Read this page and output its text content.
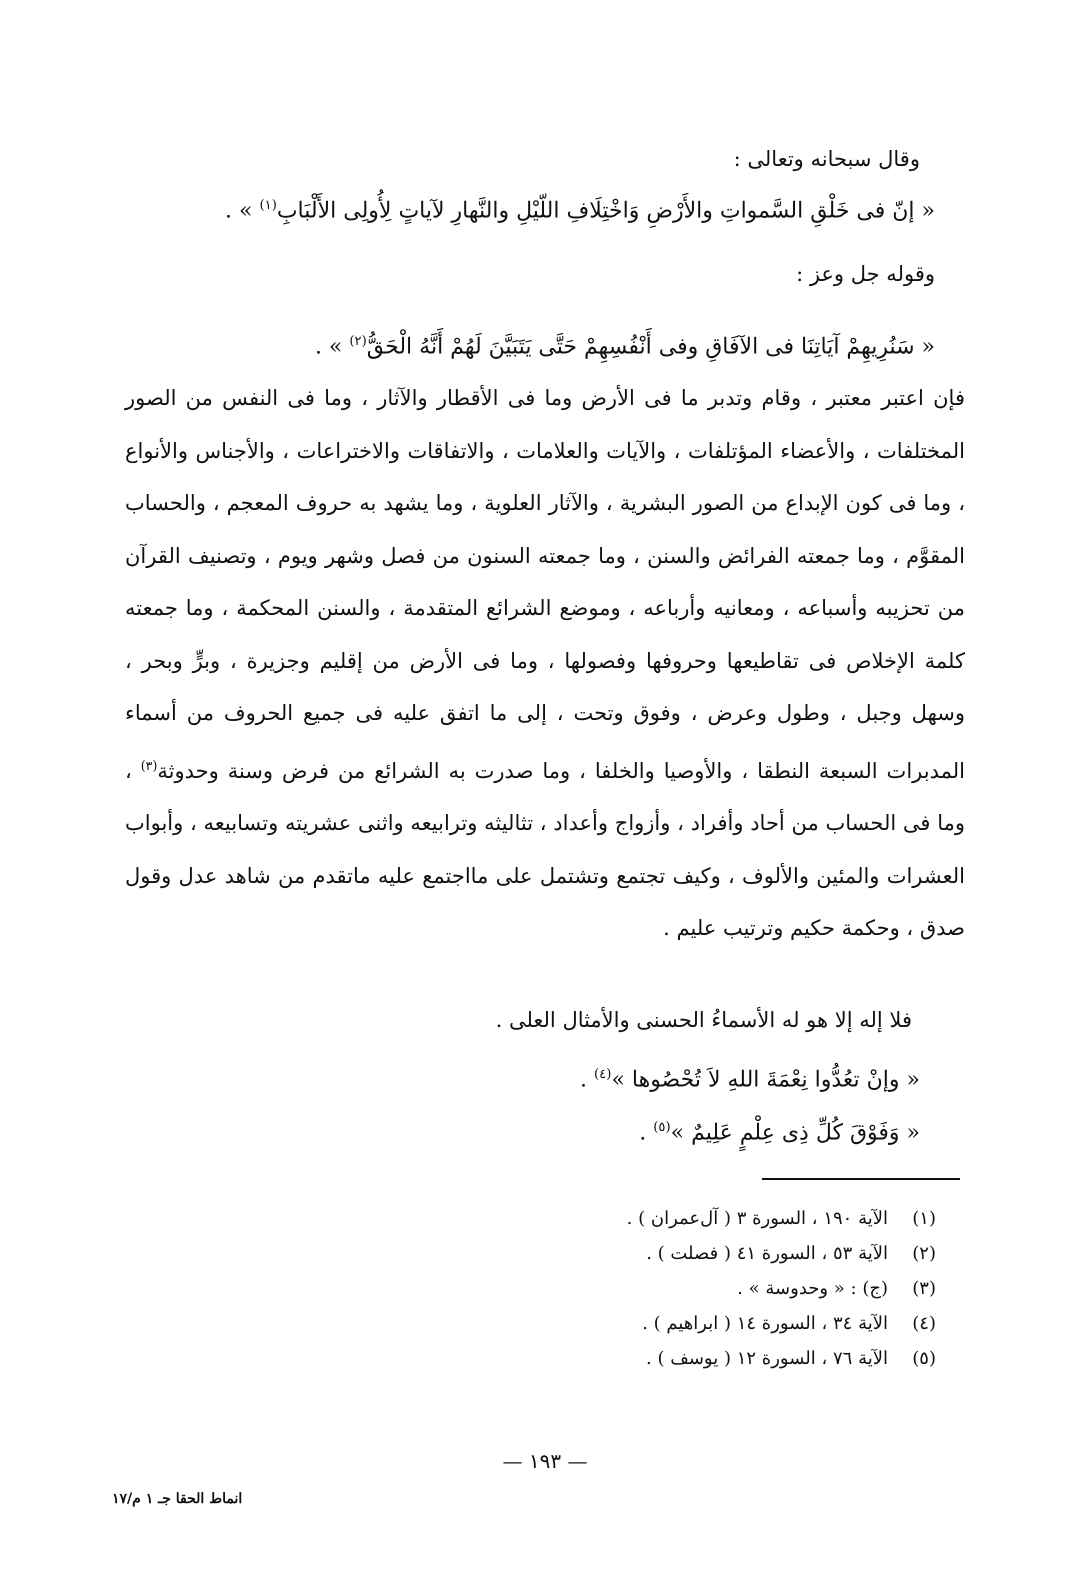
وقال سبحانه وتعالى :
« إنّ فى خَلْقِ السَّمواتِ والأَرْضِ وَاخْتِلَافِ اللّيْلِ والنَّهارِ لآياتٍ لِأُولِى الأَلْبَابِ$^{(١)}$ » .
وقوله جل وعز :
« سَنُرِيهِمْ آيَاتِنَا فى الآفَاقِ وفى أَنْفُسِهِمْ حَتَّى يَتَبَيَّنَ لَهُمْ أَنَّهُ الْحَقُّ$^{(٢)}$ » .
فإن اعتبر معتبر ، وقام وتدبر ما فى الأرض وما فى الأقطار والآثار ، وما فى النفس من الصور المختلفات ، والأعضاء المؤتلفات ، والآيات والعلامات ، والاتفاقات والاختراعات ، والأجناس والأنواع ، وما فى كون الإبداع من الصور البشرية ، والآثار العلوية ، وما يشهد به حروف المعجم ، والحساب المقوَّم ، وما جمعته الفرائض والسنن ، وما جمعته السنون من فصل وشهر ويوم ، وتصنيف القرآن من تحزيبه وأسباعه ، ومعانيه وأرباعه ، وموضع الشرائع المتقدمة ، والسنن المحكمة ، وما جمعته كلمة الإخلاص فى تقاطيعها وحروفها وفصولها ، وما فى الأرض من إقليم وجزيرة ، وبرٍّ وبحر ، وسهل وجبل ، وطول وعرض ، وفوق وتحت ، إلى ما اتفق عليه فى جميع الحروف من أسماء المدبرات السبعة النطقا ، والأوصيا والخلفا ، وما صدرت به الشرائع من فرض وسنة وحدوثة$^{(٣)}$ ، وما فى الحساب من أحاد وأفراد ، وأزواج وأعداد ، تثاليثه وترابيعه واثنى عشريته وتسابيعه ، وأبواب العشرات والمئين والألوف ، وكيف تجتمع وتشتمل على مااجتمع عليه ماتقدم من شاهد عدل وقول صدق ، وحكمة حكيم وترتيب عليم .
فلا إله إلا هو له الأسماءُ الحسنى والأمثال العلى .
« وإنْ تعُدُّوا نِعْمَةَ اللهِ لاَ تُحْصُوها »$^{(٤)}$ .
« وَفَوْقَ كُلِّ ذِى عِلْمٍ عَلِيمٌ »$^{(٥)}$ .
(١)
الآية ١٩٠ ، السورة ٣ ( آل‌عمران ) .
(٢)
الآية ٥٣ ، السورة ٤١ ( فصلت ) .
(٣)
(ج) : « وحدوسة » .
(٤)
الآية ٣٤ ، السورة ١٤ ( ابراهيم ) .
(٥)
الآية ٧٦ ، السورة ١٢ ( يوسف ) .
— ١٩٣ —
انماط الحقا جـ ١ م/١٧
